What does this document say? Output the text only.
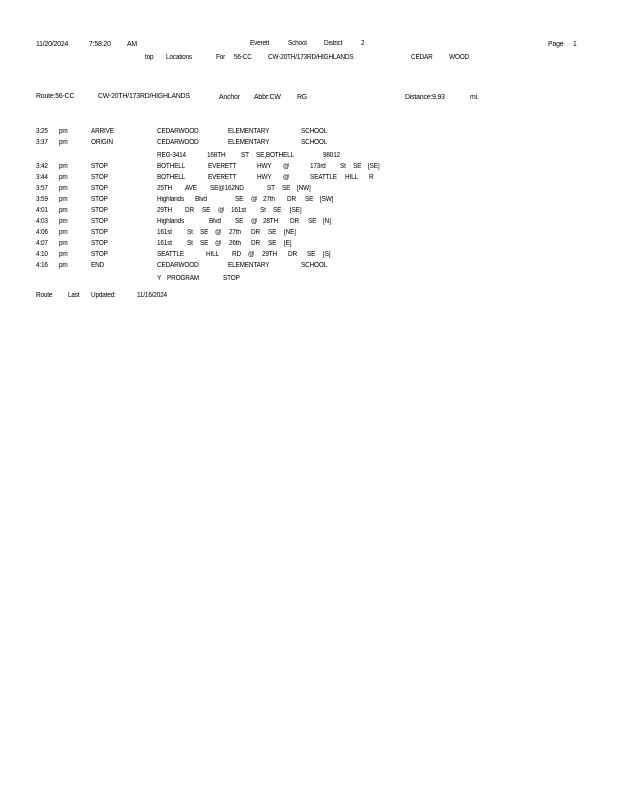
11/20/2024	7:58:20 AM	Everett	School District	2	Page 1
top Locations	For 56-CC CW-20TH/173RD/HIGHLANDS	CEDAR WOOD
Route:56-CC	CW-20TH/173RD/HIGHLANDS	Anchor Abbr:CW RG	Distance:9.93	mi.
3:25 pm	ARRIVE	CEDARWOOD	ELEMENTARY	SCHOOL
3:37 pm	ORIGIN	CEDARWOOD	ELEMENTARY	SCHOOL
REG-3414	168TH ST SE,BOTHELL	98012
3:42 pm	STOP	BOTHELL	EVERETT	HWY @	173rd St SE [SE]
3:44 pm	STOP	BOTHELL	EVERETT	HWY @	SEATTLE HILL R
3:57 pm	STOP	25TH AVE SE@162ND	ST SE [NW]
3:59 pm	STOP	Highlands Blvd	SE @ 27th DR SE [SW]
4:01 pm	STOP	29TH DR SE @ 161st St SE [SE]
4:03 pm	STOP	Highlands	Blvd SE @ 28TH DR SE [N]
4:06 pm	STOP	161st St SE @ 27th DR SE [NE]
4:07 pm	STOP	161st St SE @ 26th DR SE [E]
4:10 pm	STOP	SEATTLE	HILL RD @ 29TH DR SE [S]
4:16 pm	END	CEDARWOOD	ELEMENTARY	SCHOOL
Y PROGRAM	STOP
Route Last Updated:	11/16/2024
